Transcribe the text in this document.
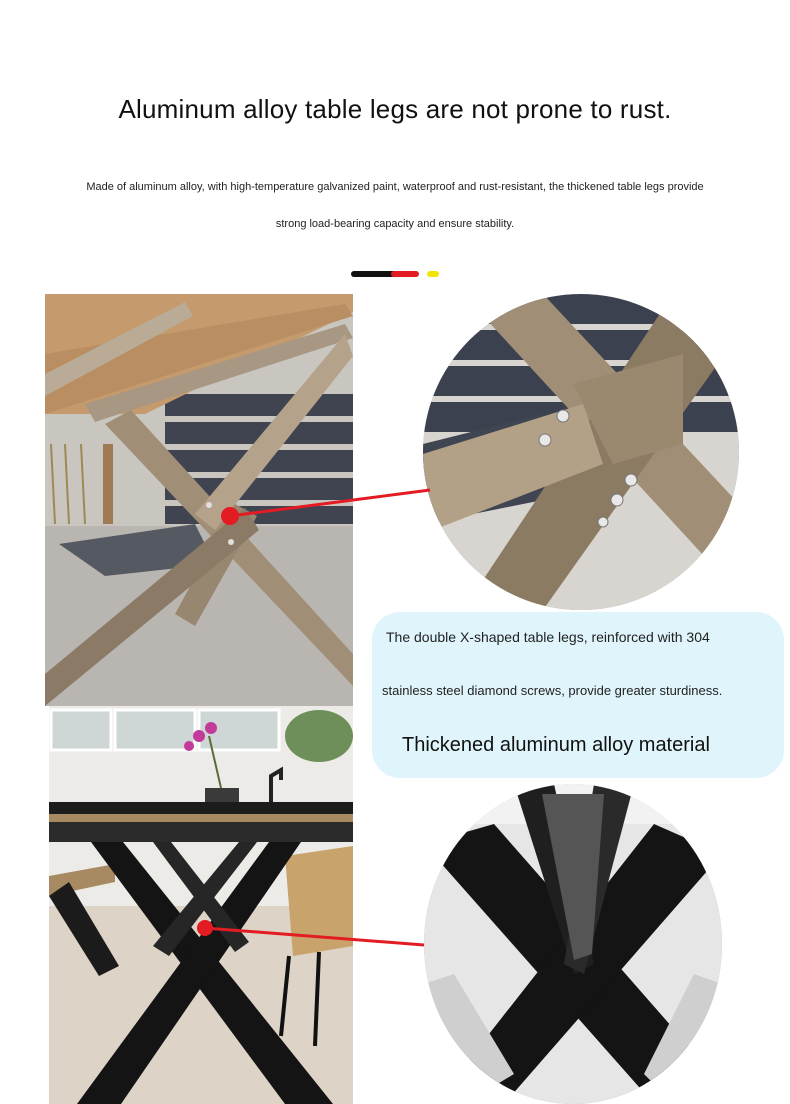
Aluminum alloy table legs are not prone to rust.
Made of aluminum alloy, with high-temperature galvanized paint, waterproof and rust-resistant, the thickened table legs provide
strong load-bearing capacity and ensure stability.
The double X-shaped table legs, reinforced with 304
stainless steel diamond screws, provide greater sturdiness.
Thickened aluminum alloy material
